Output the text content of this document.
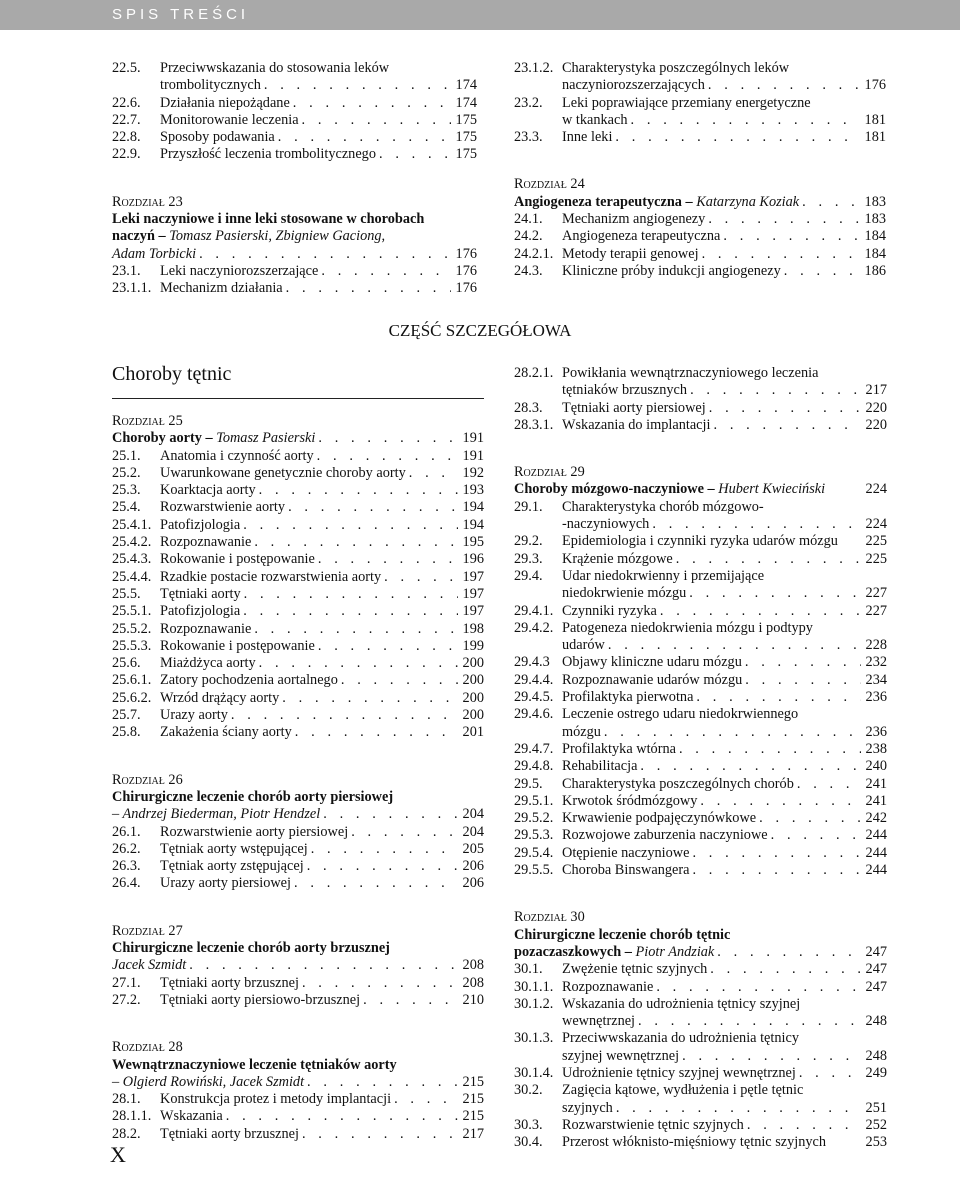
SPIS TREŚCI
22.5.	Przeciwwskazania do stosowania leków
trombolitycznych . . .	174
22.6.	Działania niepożądane . . .	174
22.7.	Monitorowanie leczenia . . .	175
22.8.	Sposoby podawania . . .	175
22.9.	Przyszłość leczenia trombolitycznego . . .	175
Rozdział 23
Leki naczyniowe i inne leki stosowane w chorobach
naczyń – Tomasz Pasierski, Zbigniew Gaciong,
Adam Torbicki . . .	176
23.1.	Leki naczyniorozszerzające . . .	176
23.1.1. Mechanizm działania . . .	176
23.1.2. Charakterystyka poszczególnych leków
naczyniorozszerzających . . .	176
23.2.	Leki poprawiające przemiany energetyczne
w tkankach . . .	181
23.3.	Inne leki . . .	181
Rozdział 24
Angiogeneza terapeutyczna – Katarzyna Koziak . . .	183
24.1.	Mechanizm angiogenezy . . .	183
24.2.	Angiogeneza terapeutyczna . . .	184
24.2.1. Metody terapii genowej . . .	184
24.3.	Kliniczne próby indukcji angiogenezy . . .	186
CZĘŚĆ SZCZEGÓŁOWA
Choroby tętnic
Rozdział 25
Choroby aorty – Tomasz Pasierski . . .	191
25.1.	Anatomia i czynność aorty . . .	191
25.2.	Uwarunkowane genetycznie choroby aorty . . .	192
25.3.	Koarktacja aorty . . .	193
25.4.	Rozwarstwienie aorty . . .	194
25.4.1. Patofizjologia . . .	194
25.4.2. Rozpoznawanie . . .	195
25.4.3. Rokowanie i postępowanie . . .	196
25.4.4. Rzadkie postacie rozwarstwienia aorty . . .	197
25.5.	Tętniaki aorty . . .	197
25.5.1. Patofizjologia . . .	197
25.5.2. Rozpoznawanie . . .	198
25.5.3. Rokowanie i postępowanie . . .	199
25.6.	Miażdżyca aorty . . .	200
25.6.1. Zatory pochodzenia aortalnego . . .	200
25.6.2. Wrzód drążący aorty . . .	200
25.7.	Urazy aorty . . .	200
25.8.	Zakażenia ściany aorty . . .	201
Rozdział 26
Chirurgiczne leczenie chorób aorty piersiowej
– Andrzej Biederman, Piotr Hendzel . . .	204
26.1.	Rozwarstwienie aorty piersiowej . . .	204
26.2.	Tętniak aorty wstępującej . . .	205
26.3.	Tętniak aorty zstępującej . . .	206
26.4.	Urazy aorty piersiowej . . .	206
Rozdział 27
Chirurgiczne leczenie chorób aorty brzusznej
Jacek Szmidt . . .	208
27.1.	Tętniaki aorty brzusznej . . .	208
27.2.	Tętniaki aorty piersiowo-brzusznej . . .	210
Rozdział 28
Wewnątrznaczyniowe leczenie tętniaków aorty
– Olgierd Rowiński, Jacek Szmidt . . .	215
28.1.	Konstrukcja protez i metody implantacji . . .	215
28.1.1. Wskazania . . .	215
28.2.	Tętniaki aorty brzusznej . . .	217
28.2.1. Powikłania wewnątrznaczyniowego leczenia
tętniaków brzusznych . . .	217
28.3.	Tętniaki aorty piersiowej . . .	220
28.3.1. Wskazania do implantacji . . .	220
Rozdział 29
Choroby mózgowo-naczyniowe – Hubert Kwieciński	224
29.1.	Charakterystyka chorób mózgowo-
-naczyniowych . . .	224
29.2.	Epidemiologia i czynniki ryzyka udarów mózgu	225
29.3.	Krążenie mózgowe . . .	225
29.4.	Udar niedokrwienny i przemijające
niedokrwienie mózgu . . .	227
29.4.1. Czynniki ryzyka . . .	227
29.4.2. Patogeneza niedokrwienia mózgu i podtypy
udarów . . .	228
29.4.3 Objawy kliniczne udaru mózgu . . .	232
29.4.4. Rozpoznawanie udarów mózgu . . .	234
29.4.5. Profilaktyka pierwotna . . .	236
29.4.6. Leczenie ostrego udaru niedokrwiennego
mózgu . . .	236
29.4.7. Profilaktyka wtórna . . .	238
29.4.8. Rehabilitacja . . .	240
29.5.	Charakterystyka poszczególnych chorób . . .	241
29.5.1. Krwotok śródmózgowy . . .	241
29.5.2. Krwawienie podpajęczynówkowe . . .	242
29.5.3. Rozwojowe zaburzenia naczyniowe . . .	244
29.5.4. Otępienie naczyniowe . . .	244
29.5.5. Choroba Binswangera . . .	244
Rozdział 30
Chirurgiczne leczenie chorób tętnic
pozaczaszkowych – Piotr Andziak . . .	247
30.1.	Zwężenie tętnic szyjnych . . .	247
30.1.1. Rozpoznawanie . . .	247
30.1.2. Wskazania do udrożnienia tętnicy szyjnej
wewnętrznej . . .	248
30.1.3. Przeciwwskazania do udrożnienia tętnicy
szyjnej wewnętrznej . . .	248
30.1.4. Udrożnienie tętnicy szyjnej wewnętrznej . . .	249
30.2.	Zagięcia kątowe, wydłużenia i pętle tętnic
szyjnych . . .	251
30.3.	Rozwarstwienie tętnic szyjnych . . .	252
30.4.	Przerost włóknisto-mięśniowy tętnic szyjnych	253
X
